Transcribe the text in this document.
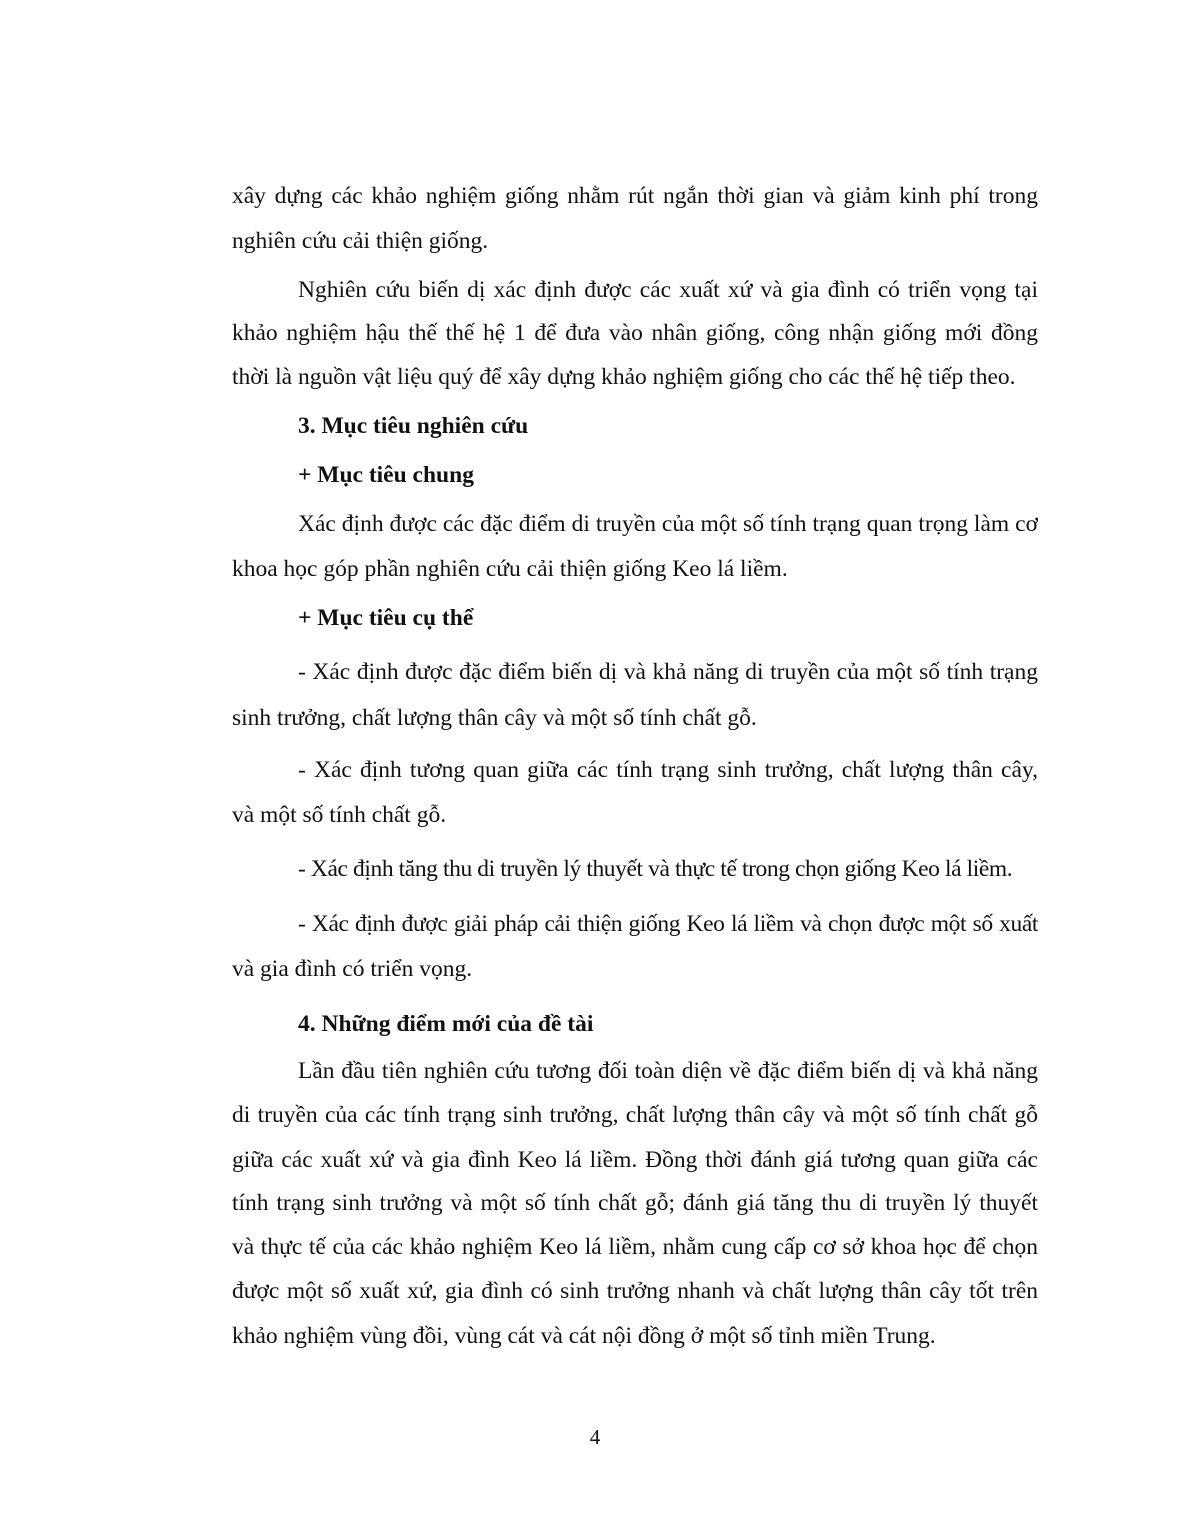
xây dựng các khảo nghiệm giống nhằm rút ngắn thời gian và giảm kinh phí trong
nghiên cứu cải thiện giống.
Nghiên cứu biến dị xác định được các xuất xứ và gia đình có triển vọng tại
khảo nghiệm hậu thế thế hệ 1 để đưa vào nhân giống, công nhận giống mới đồng
thời là nguồn vật liệu quý để xây dựng khảo nghiệm giống cho các thế hệ tiếp theo.
3. Mục tiêu nghiên cứu
+ Mục tiêu chung
Xác định được các đặc điểm di truyền của một số tính trạng quan trọng làm cơ
khoa học góp phần nghiên cứu cải thiện giống Keo lá liềm.
+ Mục tiêu cụ thể
- Xác định được đặc điểm biến dị và khả năng di truyền của một số tính trạng
sinh trưởng, chất lượng thân cây và một số tính chất gỗ.
- Xác định tương quan giữa các tính trạng sinh trưởng, chất lượng thân cây,
và một số tính chất gỗ.
- Xác định tăng thu di truyền lý thuyết và thực tế trong chọn giống Keo lá liềm.
- Xác định được giải pháp cải thiện giống Keo lá liềm và chọn được một số xuất
và gia đình có triển vọng.
4. Những điểm mới của đề tài
Lần đầu tiên nghiên cứu tương đối toàn diện về đặc điểm biến dị và khả năng
di truyền của các tính trạng sinh trưởng, chất lượng thân cây và một số tính chất gỗ
giữa các xuất xứ và gia đình Keo lá liềm. Đồng thời đánh giá tương quan giữa các
tính trạng sinh trưởng và một số tính chất gỗ; đánh giá tăng thu di truyền lý thuyết
và thực tế của các khảo nghiệm Keo lá liềm, nhằm cung cấp cơ sở khoa học để chọn
được một số xuất xứ, gia đình có sinh trưởng nhanh và chất lượng thân cây tốt trên
khảo nghiệm vùng đồi, vùng cát và cát nội đồng ở một số tỉnh miền Trung.
4
